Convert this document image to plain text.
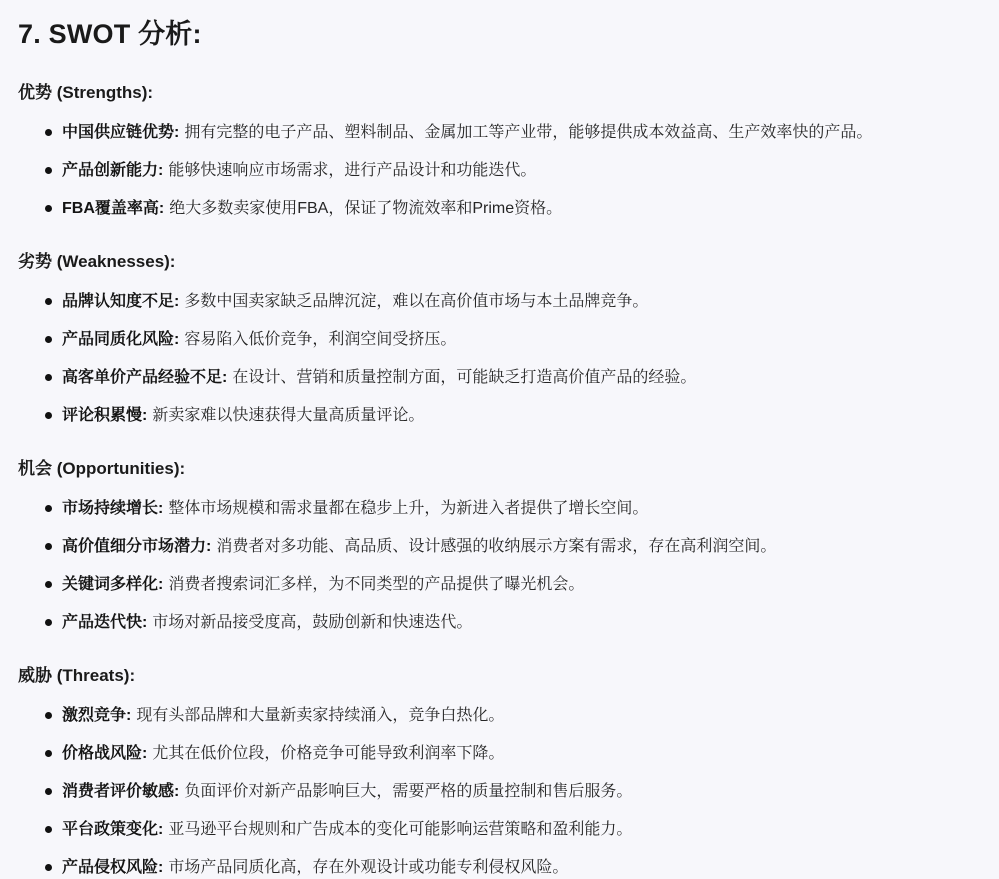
7. SWOT 分析:
优势 (Strengths):
中国供应链优势: 拥有完整的电子产品、塑料制品、金属加工等产业带，能够提供成本效益高、生产效率快的产品。
产品创新能力: 能够快速响应市场需求，进行产品设计和功能迭代。
FBA覆盖率高: 绝大多数卖家使用FBA，保证了物流效率和Prime资格。
劣势 (Weaknesses):
品牌认知度不足: 多数中国卖家缺乏品牌沉淀，难以在高价值市场与本土品牌竞争。
产品同质化风险: 容易陷入低价竞争，利润空间受挤压。
高客单价产品经验不足: 在设计、营销和质量控制方面，可能缺乏打造高价值产品的经验。
评论积累慢: 新卖家难以快速获得大量高质量评论。
机会 (Opportunities):
市场持续增长: 整体市场规模和需求量都在稳步上升，为新进入者提供了增长空间。
高价值细分市场潜力: 消费者对多功能、高品质、设计感强的收纳展示方案有需求，存在高利润空间。
关键词多样化: 消费者搜索词汇多样，为不同类型的产品提供了曝光机会。
产品迭代快: 市场对新品接受度高，鼓励创新和快速迭代。
威胁 (Threats):
激烈竞争: 现有头部品牌和大量新卖家持续涌入，竞争白热化。
价格战风险: 尤其在低价位段，价格竞争可能导致利润率下降。
消费者评价敏感: 负面评价对新产品影响巨大，需要严格的质量控制和售后服务。
平台政策变化: 亚马逊平台规则和广告成本的变化可能影响运营策略和盈利能力。
产品侵权风险: 市场产品同质化高，存在外观设计或功能专利侵权风险。
